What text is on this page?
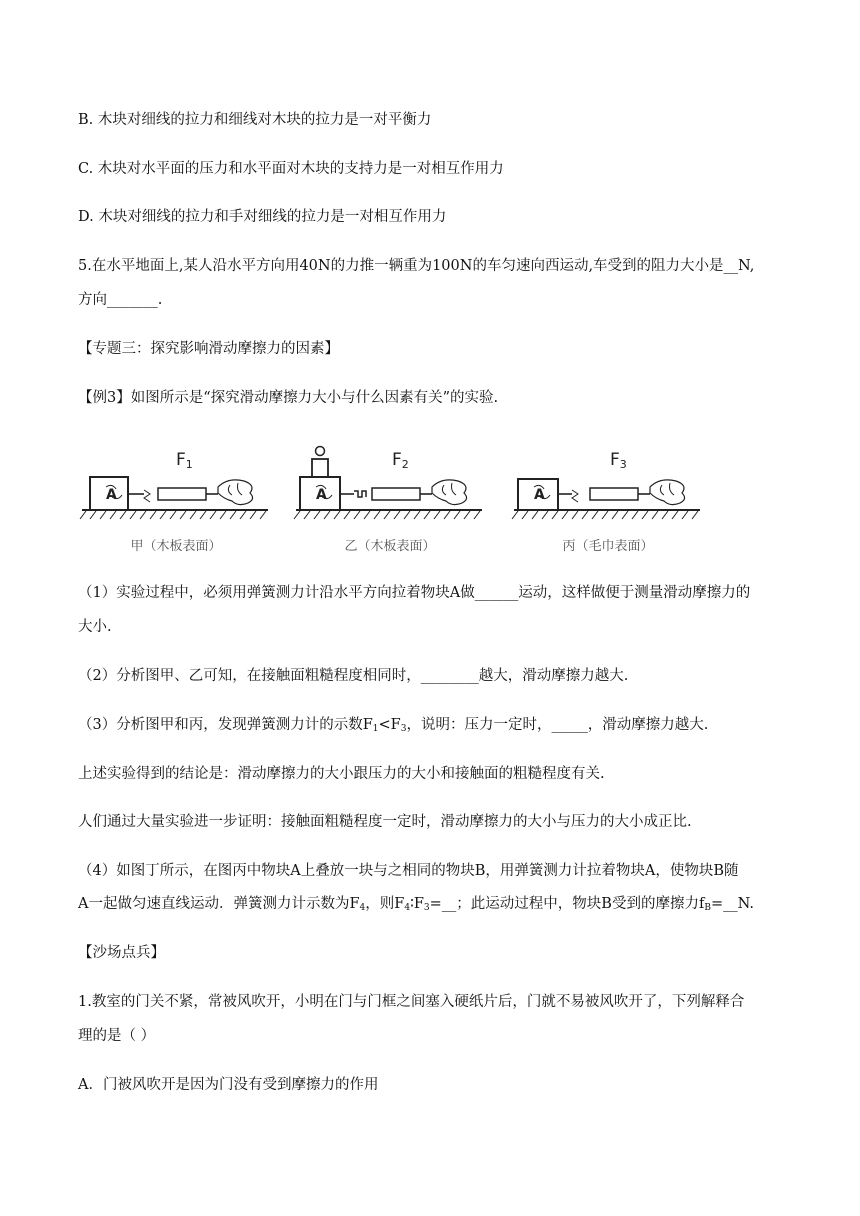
B. 木块对细线的拉力和细线对木块的拉力是一对平衡力
C. 木块对水平面的压力和水平面对木块的支持力是一对相互作用力
D. 木块对细线的拉力和手对细线的拉力是一对相互作用力
5.在水平地面上,某人沿水平方向用40N的力推一辆重为100N的车匀速向西运动,车受到的阻力大小是__N,
方向_______.
【专题三：探究影响滑动摩擦力的因素】
【例3】如图所示是“探究滑动摩擦力大小与什么因素有关”的实验.
A
F1
甲（木板表面）
A
F2
乙（木板表面）
A
F3
丙（毛巾表面）
（1）实验过程中，必须用弹簧测力计沿水平方向拉着物块A做______运动，这样做便于测量滑动摩擦力的
大小.
（2）分析图甲、乙可知，在接触面粗糙程度相同时，________越大，滑动摩擦力越大.
（3）分析图甲和丙，发现弹簧测力计的示数$F_1<F_3$，说明：压力一定时，_____，滑动摩擦力越大.
上述实验得到的结论是：滑动摩擦力的大小跟压力的大小和接触面的粗糙程度有关.
人们通过大量实验进一步证明：接触面粗糙程度一定时，滑动摩擦力的大小与压力的大小成正比.
（4）如图丁所示，在图丙中物块A上叠放一块与之相同的物块B，用弹簧测力计拉着物块A，使物块B随
A一起做匀速直线运动．弹簧测力计示数为$F_4$，则$F_4∶F_3=\_\_$；此运动过程中，物块B受到的摩擦力$f_B=\_\_N$.
【沙场点兵】
1.教室的门关不紧，常被风吹开，小明在门与门框之间塞入硬纸片后，门就不易被风吹开了，下列解释合
理的是（ ）
A．门被风吹开是因为门没有受到摩擦力的作用
